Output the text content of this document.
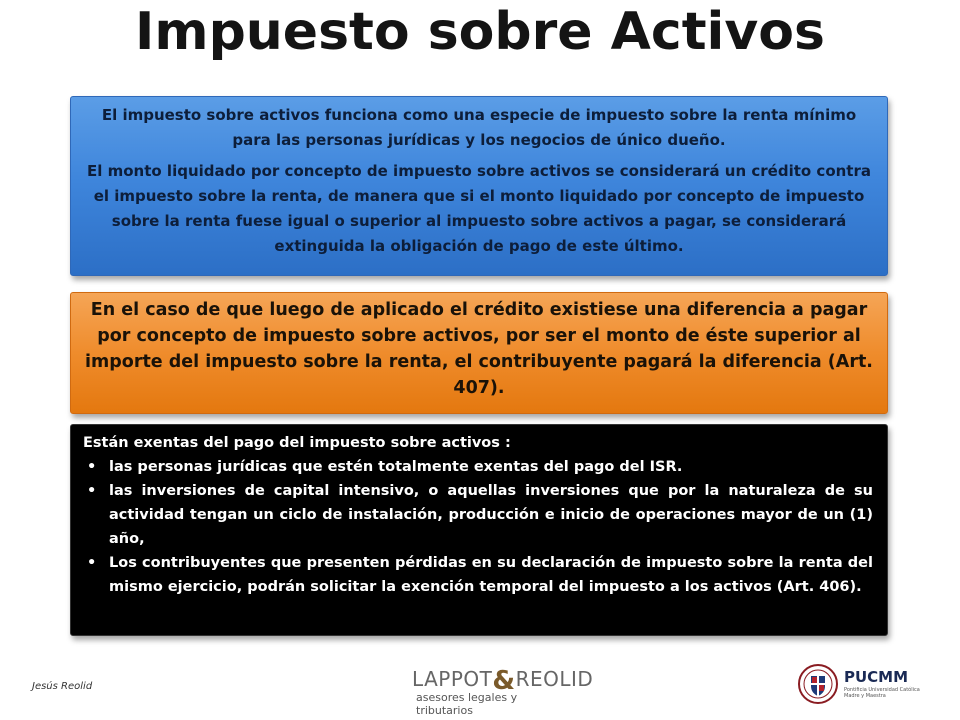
Impuesto sobre Activos

El impuesto sobre activos funciona como una especie de impuesto sobre la renta mínimo para las personas jurídicas y los negocios de único dueño.

El monto liquidado por concepto de impuesto sobre activos se considerará un crédito contra el impuesto sobre la renta, de manera que si el monto liquidado por concepto de impuesto sobre la renta fuese igual o superior al impuesto sobre activos a pagar, se considerará extinguida la obligación de pago de este último.

En el caso de que luego de aplicado el crédito existiese una diferencia a pagar por concepto de impuesto sobre activos, por ser el monto de éste superior al importe del impuesto sobre la renta, el contribuyente pagará la diferencia (Art. 407).

Están exentas del pago del impuesto sobre activos :

• las personas jurídicas que estén totalmente exentas del pago del ISR.
• las inversiones de capital intensivo, o aquellas inversiones que por la naturaleza de su actividad tengan un ciclo de instalación, producción e inicio de operaciones mayor de un (1) año,
• Los contribuyentes que presenten pérdidas en su declaración de impuesto sobre la renta del mismo ejercicio, podrán solicitar la exención temporal del impuesto a los activos (Art. 406).
Jesús Reolid	LAPPOT&REOLID
asesores legales y tributarios
PUCMM
Pontificia Universidad Católica Madre y Maestra
